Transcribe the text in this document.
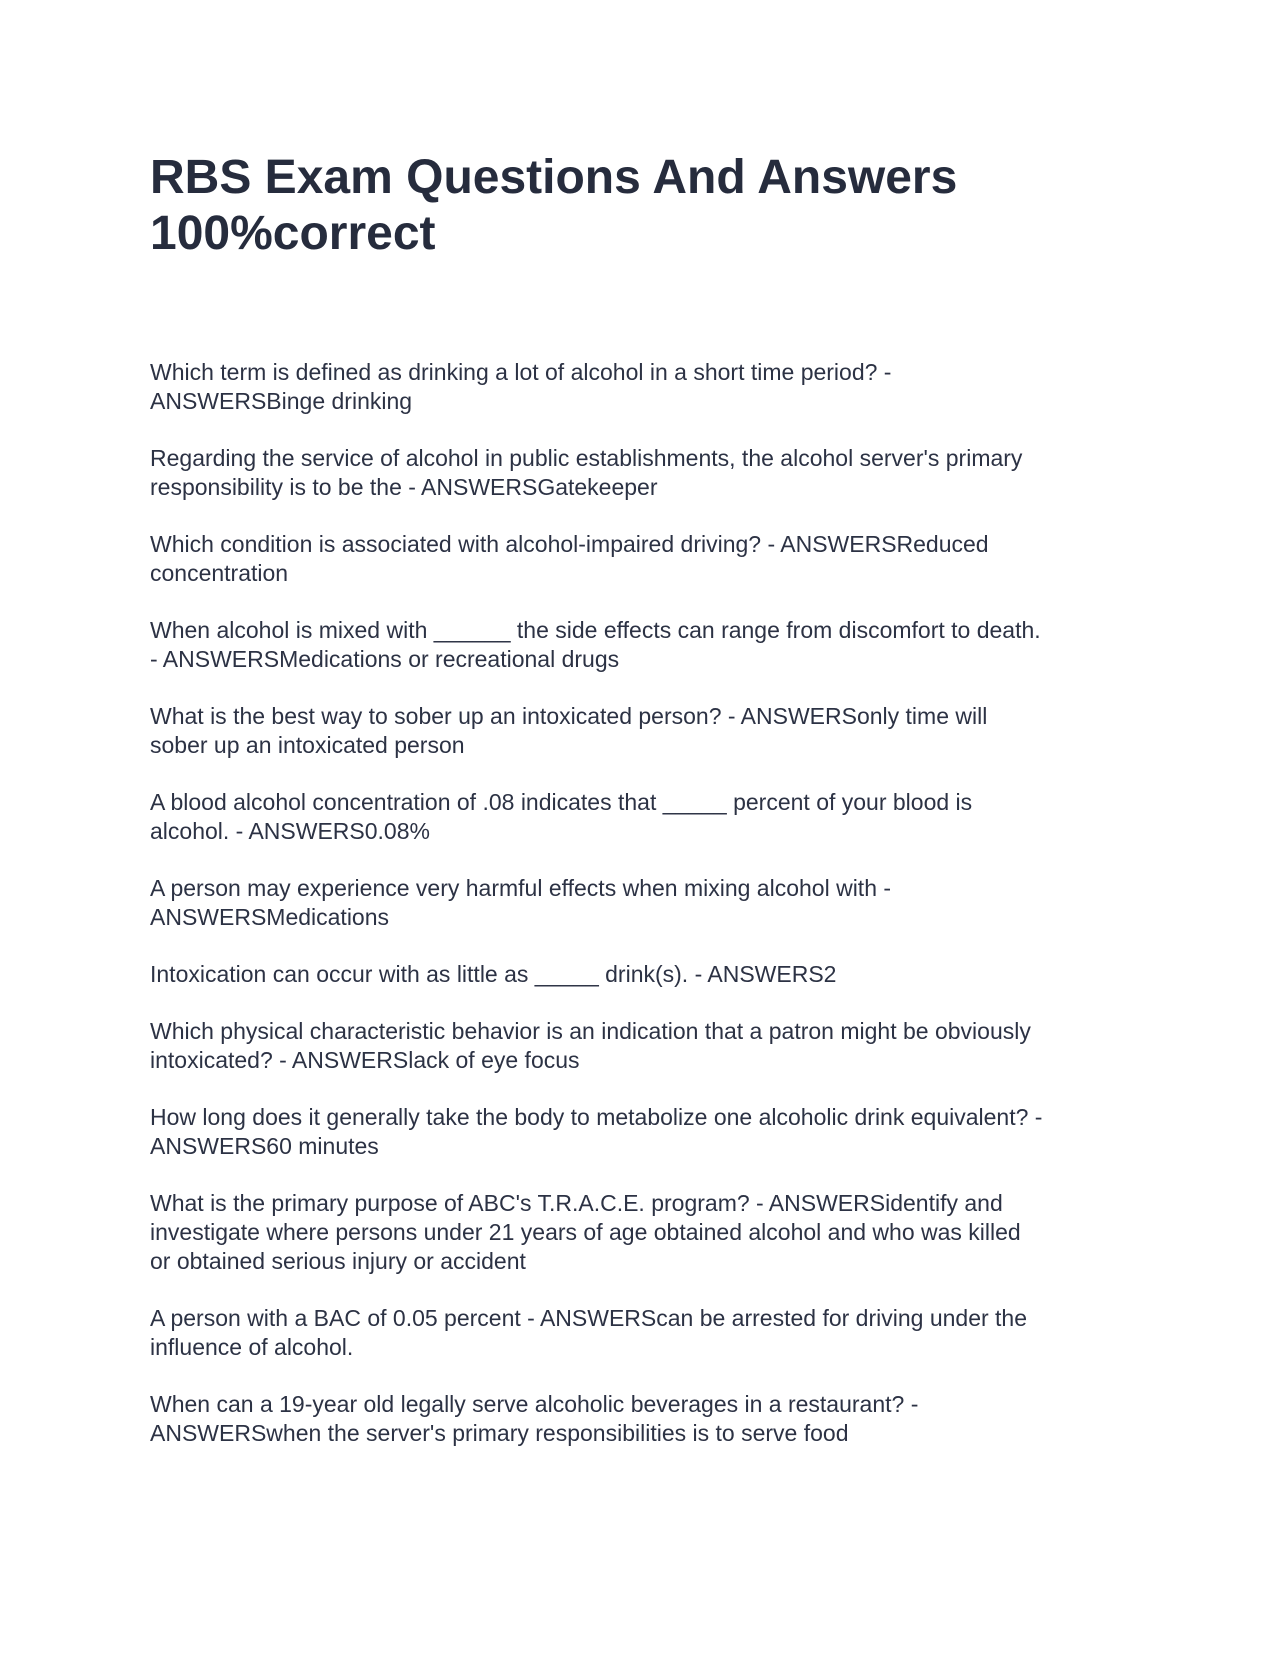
RBS Exam Questions And Answers
100%correct

Which term is defined as drinking a lot of alcohol in a short time period? -
ANSWERSBinge drinking

Regarding the service of alcohol in public establishments, the alcohol server's primary
responsibility is to be the - ANSWERSGatekeeper

Which condition is associated with alcohol-impaired driving? - ANSWERSReduced
concentration

When alcohol is mixed with ______ the side effects can range from discomfort to death.
- ANSWERSMedications or recreational drugs

What is the best way to sober up an intoxicated person? - ANSWERSonly time will
sober up an intoxicated person

A blood alcohol concentration of .08 indicates that _____ percent of your blood is
alcohol. - ANSWERS0.08%

A person may experience very harmful effects when mixing alcohol with -
ANSWERSMedications

Intoxication can occur with as little as _____ drink(s). - ANSWERS2

Which physical characteristic behavior is an indication that a patron might be obviously
intoxicated? - ANSWERSlack of eye focus

How long does it generally take the body to metabolize one alcoholic drink equivalent? -
ANSWERS60 minutes

What is the primary purpose of ABC's T.R.A.C.E. program? - ANSWERSidentify and
investigate where persons under 21 years of age obtained alcohol and who was killed
or obtained serious injury or accident

A person with a BAC of 0.05 percent - ANSWERScan be arrested for driving under the
influence of alcohol.

When can a 19-year old legally serve alcoholic beverages in a restaurant? -
ANSWERSwhen the server's primary responsibilities is to serve food
